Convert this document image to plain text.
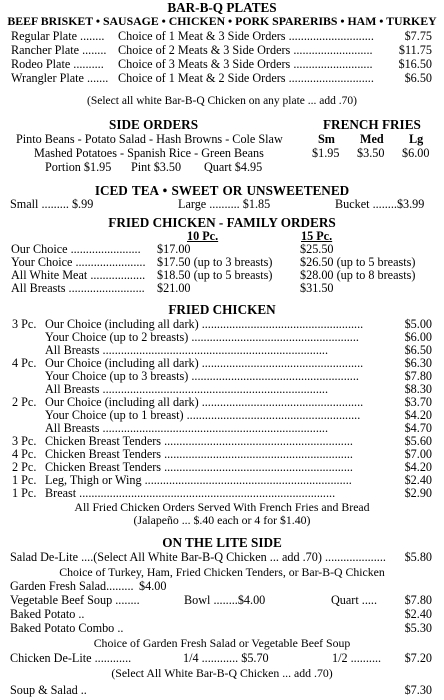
BAR-B-Q PLATES
BEEF BRISKET • SAUSAGE • CHICKEN • PORK SPARERIBS • HAM • TURKEY
Regular Plate ........ Choice of 1 Meat & 3 Side Orders ............................	$7.75
Rancher Plate ........ Choice of 2 Meats & 3 Side Orders .......................... $11.75
Rodeo Plate .......... Choice of 3 Meats & 3 Side Orders .......................... $16.50
Wrangler Plate ....... Choice of 1 Meat & 2 Side Orders ............................	$6.50
(Select all white Bar-B-Q Chicken on any plate ... add .70)
SIDE ORDERS
Pinto Beans - Potato Salad - Hash Browns - Cole Slaw
Mashed Potatoes - Spanish Rice - Green Beans
Portion $1.95 Pint $3.50 Quart $4.95
FRENCH FRIES
Sm Med Lg
$1.95 $3.50 $6.00
ICED TEA • SWEET OR UNSWEETENED
Small ......... $.99	Large .......... $1.85	Bucket ........$3.99
FRIED CHICKEN - FAMILY ORDERS
10 Pc.	15 Pc.
Our Choice ....................... $17.00	$25.50
Your Choice ....................... $17.50 (up to 3 breasts) $26.50 (up to 5 breasts)
All White Meat .................. $18.50 (up to 5 breasts) $28.00 (up to 8 breasts)
All Breasts ......................... $21.00	$31.50
FRIED CHICKEN
3 Pc. Our Choice (including all dark) .....................................................	$5.00
Your Choice (up to 2 breasts) .......................................................	$6.00
All Breasts ..........................................................................	$6.50
4 Pc. Our Choice (including all dark) .....................................................	$6.30
Your Choice (up to 3 breasts) .......................................................	$7.80
All Breasts ..........................................................................	$8.30
2 Pc. Our Choice (including all dark) .....................................................	$3.70
Your Choice (up to 1 breast) .........................................................	$4.20
All Breasts ..........................................................................	$4.70
3 Pc. Chicken Breast Tenders ..............................................................	$5.60
4 Pc. Chicken Breast Tenders ..............................................................	$7.00
2 Pc. Chicken Breast Tenders ..............................................................	$4.20
1 Pc. Leg, Thigh or Wing ....................................................................	$2.40
1 Pc. Breast ....................................................................................	$2.90
All Fried Chicken Orders Served With French Fries and Bread
(Jalapeño ... $.40 each or 4 for $1.40)
ON THE LITE SIDE
Salad De-Lite ....(Select All White Bar-B-Q Chicken ... add .70) .................... $5.80
Choice of Turkey, Ham, Fried Chicken Tenders, or Bar-B-Q Chicken
Garden Fresh Salad......... $4.00
Vegetable Beef Soup ........	Bowl ........$4.00	Quart ..... $7.80
Baked Potato ..	$2.40
Baked Potato Combo ..	$5.30
Choice of Garden Fresh Salad or Vegetable Beef Soup
Chicken De-Lite ............	1/4 ............ $5.70	1/2 .......... $7.20
(Select All White Bar-B-Q Chicken ... add .70)
Soup & Salad ..	$7.30
